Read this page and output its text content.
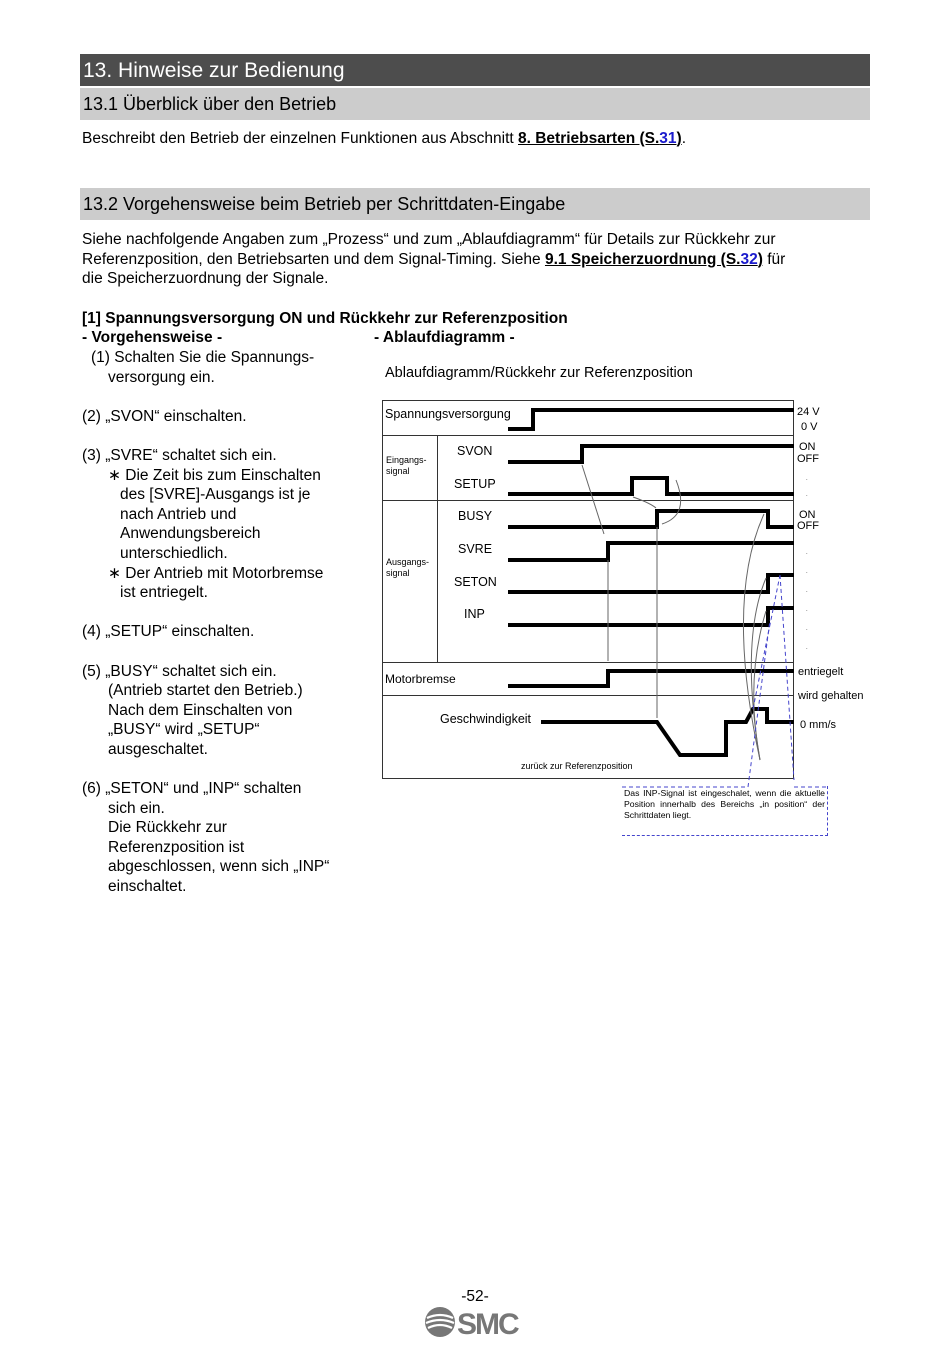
13. Hinweise zur Bedienung
13.1 Überblick über den Betrieb
Beschreibt den Betrieb der einzelnen Funktionen aus Abschnitt 8. Betriebsarten (S.31).
13.2 Vorgehensweise beim Betrieb per Schrittdaten-Eingabe
Siehe nachfolgende Angaben zum „Prozess“ und zum „Ablaufdiagramm“ für Details zur Rückkehr zur
Referenzposition, den Betriebsarten und dem Signal-Timing. Siehe 9.1 Speicherzuordnung (S.32) für
die Speicherzuordnung der Signale.
[1] Spannungsversorgung ON und Rückkehr zur Referenzposition
- Vorgehensweise -	- Ablaufdiagramm -
(1) Schalten Sie die Spannungs-
versorgung ein.
(2) „SVON“ einschalten.
(3) „SVRE“ schaltet sich ein.
∗ Die Zeit bis zum Einschalten
des [SVRE]-Ausgangs ist je
nach Antrieb und
Anwendungsbereich
unterschiedlich.
∗ Der Antrieb mit Motorbremse
ist entriegelt.
(4) „SETUP“ einschalten.
(5) „BUSY“ schaltet sich ein.
(Antrieb startet den Betrieb.)
Nach dem Einschalten von
„BUSY“ wird „SETUP“
ausgeschaltet.
(6) „SETON“ und „INP“ schalten
sich ein.
Die Rückkehr zur
Referenzposition ist
abgeschlossen, wenn sich „INP“
einschaltet.
Ablaufdiagramm/Rückkehr zur Referenzposition
.
.
.
.
.
.
.
.
Spannungsversorgung
Eingangs-
signal
SVON
SETUP
Ausgangs-
signal
BUSY
SVRE
SETON
INP
Motorbremse
Geschwindigkeit
zurück zur Referenzposition
24 V
0 V
ON
OFF
ON
OFF
entriegelt
wird gehalten
0 mm/s
Das INP-Signal ist eingeschalet, wenn die aktuelle Position innerhalb des Bereichs „in position“ der Schrittdaten liegt.
-52-
SMC
